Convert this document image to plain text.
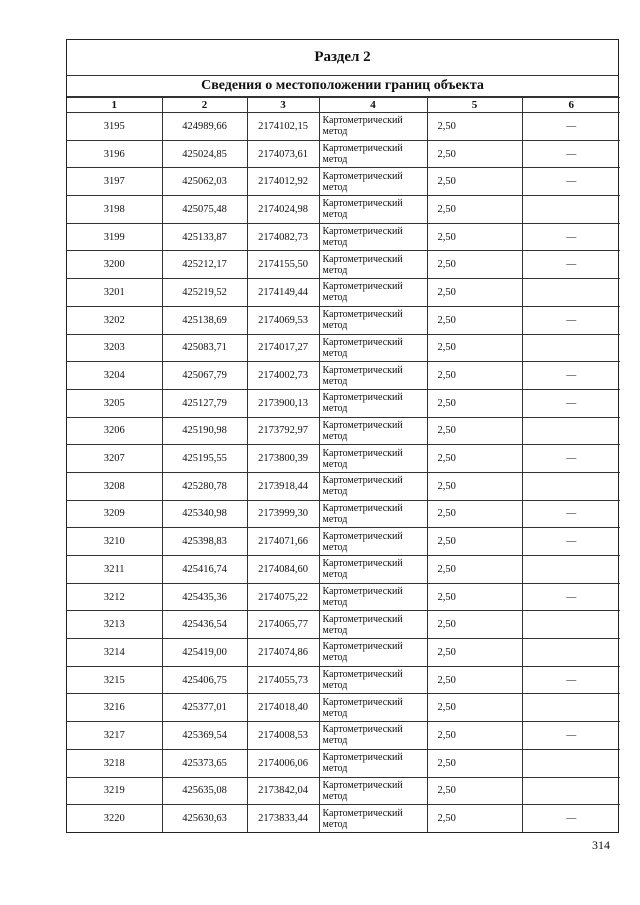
Раздел 2
Сведения о местоположении границ объекта
1	2	3	4	5	6
3195	424989,66	2174102,15	Картометрический метод	2,50	—
3196	425024,85	2174073,61	Картометрический метод	2,50	—
3197	425062,03	2174012,92	Картометрический метод	2,50	—
3198	425075,48	2174024,98	Картометрический метод	2,50	
3199	425133,87	2174082,73	Картометрический метод	2,50	—
3200	425212,17	2174155,50	Картометрический метод	2,50	—
3201	425219,52	2174149,44	Картометрический метод	2,50	
3202	425138,69	2174069,53	Картометрический метод	2,50	—
3203	425083,71	2174017,27	Картометрический метод	2,50	
3204	425067,79	2174002,73	Картометрический метод	2,50	—
3205	425127,79	2173900,13	Картометрический метод	2,50	—
3206	425190,98	2173792,97	Картометрический метод	2,50	
3207	425195,55	2173800,39	Картометрический метод	2,50	—
3208	425280,78	2173918,44	Картометрический метод	2,50	
3209	425340,98	2173999,30	Картометрический метод	2,50	—
3210	425398,83	2174071,66	Картометрический метод	2,50	—
3211	425416,74	2174084,60	Картометрический метод	2,50	
3212	425435,36	2174075,22	Картометрический метод	2,50	—
3213	425436,54	2174065,77	Картометрический метод	2,50	
3214	425419,00	2174074,86	Картометрический метод	2,50	
3215	425406,75	2174055,73	Картометрический метод	2,50	—
3216	425377,01	2174018,40	Картометрический метод	2,50	
3217	425369,54	2174008,53	Картометрический метод	2,50	—
3218	425373,65	2174006,06	Картометрический метод	2,50	
3219	425635,08	2173842,04	Картометрический метод	2,50	
3220	425630,63	2173833,44	Картометрический метод	2,50	—
314
